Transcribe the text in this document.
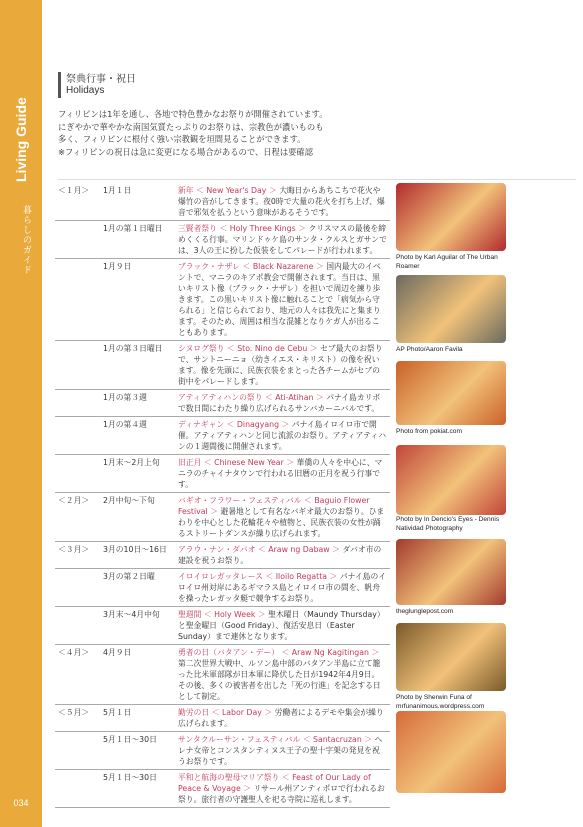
Living Guide
暮らしのガイド
034
祭典行事・祝日
Holidays
フィリピンは1年を通し、各地で特色豊かなお祭りが開催されています。
にぎやかで華やかな南国気質たっぷりのお祭りは、宗教色が濃いものも
多く、フィリピンに根付く強い宗教観を垣間見ることができます。
※フィリピンの祝日は急に変更になる場合があるので、日程は要確認
＜１月＞	1月１日	新年 ＜ New Year's Day ＞ 大晦日からあちこちで花火や爆竹の音がしてきます。夜0時で大量の花火を打ち上げ、爆音で邪気を払うという意味があるそうです。
	1月の第１日曜日	三賢者祭り ＜ Holy Three Kings ＞ クリスマスの最後を締めくくる行事。マリンドゥケ島のサンタ・クルスとガサンでは、3人の王に扮した仮装をしてパレードが行われます。
	1月９日	ブラック・ナザレ ＜ Black Nazarene ＞ 国内最大のイベントで、マニラのキアポ教会で開催されます。当日は、黒いキリスト像（ブラック・ナザレ）を担いで周辺を練り歩きます。この黒いキリスト像に触れることで「病気から守られる」と信じられており、地元の人々は我先にと集まります。そのため、周囲は相当な混雑となりケガ人が出ることもあります。
	1月の第３日曜日	シヌログ祭り ＜ Sto. Nino de Cebu ＞ セブ最大のお祭りで、サントニーニョ（幼きイエス・キリスト）の像を祝います。像を先頭に、民族衣装をまとった各チームがセブの街中をパレードします。
	1月の第３週	アティアティハンの祭り ＜ Ati-Atihan ＞ パナイ島カリボで数日間にわたり繰り広げられるサンバカーニバルです。
	1月の第４週	ディナギャン ＜ Dinagyang ＞ パナイ島イロイロ市で開催。アティアティハンと同じ流派のお祭り。アティアティハンの１週間後に開催されます。
	1月末～2月上旬	旧正月 ＜ Chinese New Year ＞ 華僑の人々を中心に、マニラのチャイナタウンで行われる旧暦の正月を祝う行事です。
＜２月＞	2月中旬～下旬	バギオ・フラワー・フェスティバル ＜ Baguio Flower Festival ＞ 避暑地として有名なバギオ最大のお祭り。ひまわりを中心とした花輪花々や植物と、民族衣装の女性が踊るストリートダンスが繰り広げられます。
＜３月＞	3月の10日～16日	アラウ・ナン・ダバオ ＜ Araw ng Dabaw ＞ ダバオ市の建設を祝うお祭り。
	3月の第２日曜	イロイロレガッタレース ＜ Iloilo Regatta ＞ パナイ島のイロイロ州対岸にあるギマラス島とイロイロ市の間を、帆舟を操ったレガッタ艇で競争するお祭り。
	3月末～4月中旬	聖週間 ＜ Holy Week ＞ 聖木曜日（Maundy Thursday）と聖金曜日（Good Friday）、復活安息日（Easter Sunday）まで連休となります。
＜４月＞	4月９日	勇者の日（バタアン・デー） ＜ Araw Ng Kagitingan ＞ 第二次世界大戦中、ルソン島中部のバタアン半島に立て籠った比米軍部隊が日本軍に降伏した日が1942年4月9日。その後、多くの被害者を出した「死の行進」を記念する日として制定。
＜５月＞	5月１日	勤労の日 ＜ Labor Day ＞ 労働者によるデモや集会が繰り広げられます。
	5月１日～30日	サンタクルーサン・フェスティバル ＜ Santacruzan ＞ ヘレナ女帝とコンスタンティヌス王子の聖十字架の発見を祝うお祭りです。
	5月１日～30日	平和と航海の聖母マリア祭り ＜ Feast of Our Lady of Peace & Voyage ＞ リサール州アンティポロで行われるお祭り。旅行者の守護聖人を祀る寺院に巡礼します。
Photo by Karl Aguilar of The Urban Roamer
AP Photo/Aaron Favila
Photo from pokiat.com
Photo by In Dencio's Eyes - Dennis Natividad Photography
theglunglepost.com
Photo by Sherwin Funa of mrfunanimous.wordpress.com
